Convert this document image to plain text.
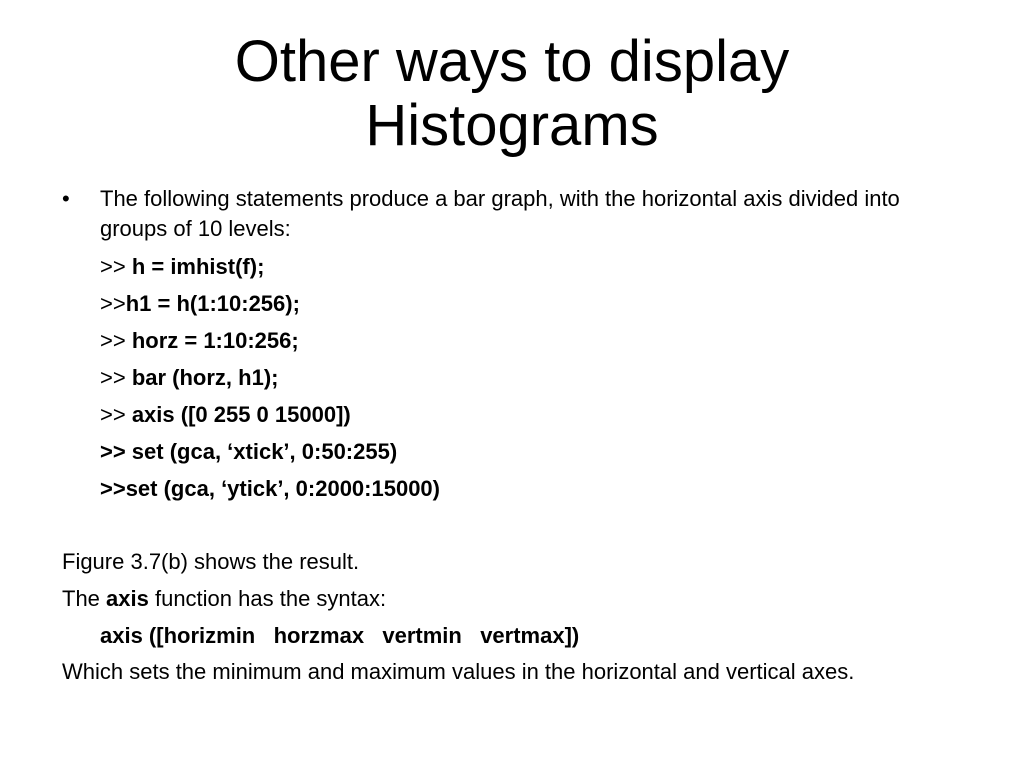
Other ways to display
Histograms
•	The following statements produce a bar graph, with the horizontal axis divided into groups of 10 levels:
>> h = imhist(f);
>>h1 = h(1:10:256);
>> horz = 1:10:256;
>> bar (horz, h1);
>> axis ([0 255 0 15000])
>> set (gca, ‘xtick’, 0:50:255)
>>set (gca, ‘ytick’, 0:2000:15000)
Figure 3.7(b) shows the result.
The axis function has the syntax:
axis ([horizmin   horzmax   vertmin   vertmax])
Which sets the minimum and maximum values in the horizontal and vertical axes.
